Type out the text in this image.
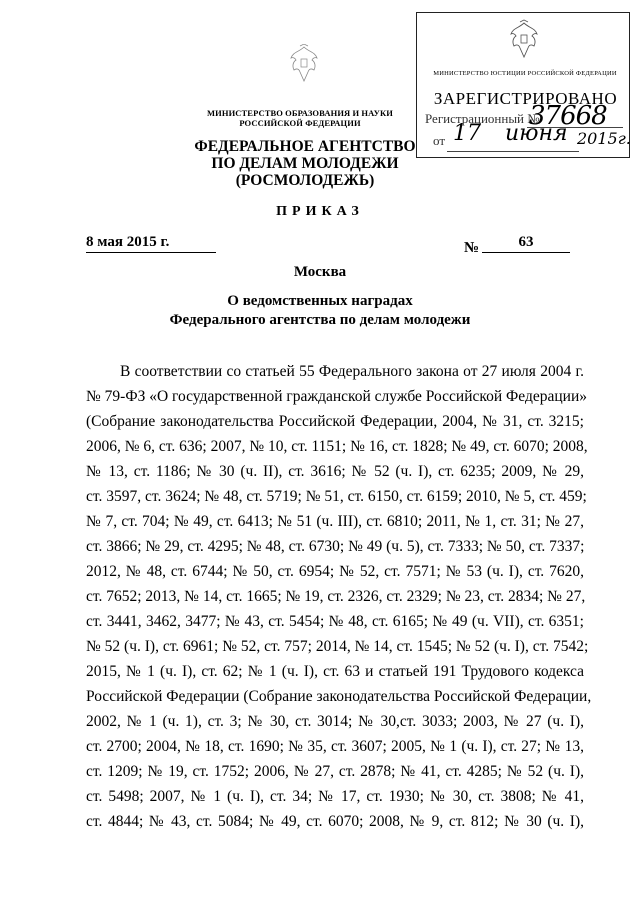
МИНИСТЕРСТВО ОБРАЗОВАНИЯ И НАУКИ
РОССИЙСКОЙ ФЕДЕРАЦИИ
ФЕДЕРАЛЬНОЕ АГЕНТСТВО
ПО ДЕЛАМ МОЛОДЕЖИ
(РОСМОЛОДЕЖЬ)
МИНИСТЕРСТВО ЮСТИЦИИ РОССИЙСКОЙ ФЕДЕРАЦИИ
ЗАРЕГИСТРИРОВАНО
Регистрационный №
37668
от 17 июня 2015г.
ПРИКАЗ
8 мая 2015 г.	№	63
Москва
О ведомственных наградах
Федерального агентства по делам молодежи
В соответствии со статьей 55 Федерального закона от 27 июля 2004 г.
№ 79-ФЗ «О государственной гражданской службе Российской Федерации»
(Собрание законодательства Российской Федерации, 2004, № 31, ст. 3215;
2006, № 6, ст. 636; 2007, № 10, ст. 1151; № 16, ст. 1828; № 49, ст. 6070; 2008,
№ 13, ст. 1186; № 30 (ч. II), ст. 3616; № 52 (ч. I), ст. 6235; 2009, № 29,
ст. 3597, ст. 3624; № 48, ст. 5719; № 51, ст. 6150, ст. 6159; 2010, № 5, ст. 459;
№ 7, ст. 704; № 49, ст. 6413; № 51 (ч. III), ст. 6810; 2011, № 1, ст. 31; № 27,
ст. 3866; № 29, ст. 4295; № 48, ст. 6730; № 49 (ч. 5), ст. 7333; № 50, ст. 7337;
2012, № 48, ст. 6744; № 50, ст. 6954; № 52, ст. 7571; № 53 (ч. I), ст. 7620,
ст. 7652; 2013, № 14, ст. 1665; № 19, ст. 2326, ст. 2329; № 23, ст. 2834; № 27,
ст. 3441, 3462, 3477; № 43, ст. 5454; № 48, ст. 6165; № 49 (ч. VII), ст. 6351;
№ 52 (ч. I), ст. 6961; № 52, ст. 757; 2014, № 14, ст. 1545; № 52 (ч. I), ст. 7542;
2015, № 1 (ч. I), ст. 62; № 1 (ч. I), ст. 63 и статьей 191 Трудового кодекса
Российской Федерации (Собрание законодательства Российской Федерации,
2002, № 1 (ч. 1), ст. 3; № 30, ст. 3014; № 30,ст. 3033; 2003, № 27 (ч. I),
ст. 2700; 2004, № 18, ст. 1690; № 35, ст. 3607; 2005, № 1 (ч. I), ст. 27; № 13,
ст. 1209; № 19, ст. 1752; 2006, № 27, ст. 2878; № 41, ст. 4285; № 52 (ч. I),
ст. 5498; 2007, № 1 (ч. I), ст. 34; № 17, ст. 1930; № 30, ст. 3808; № 41,
ст. 4844; № 43, ст. 5084; № 49, ст. 6070; 2008, № 9, ст. 812; № 30 (ч. I),
